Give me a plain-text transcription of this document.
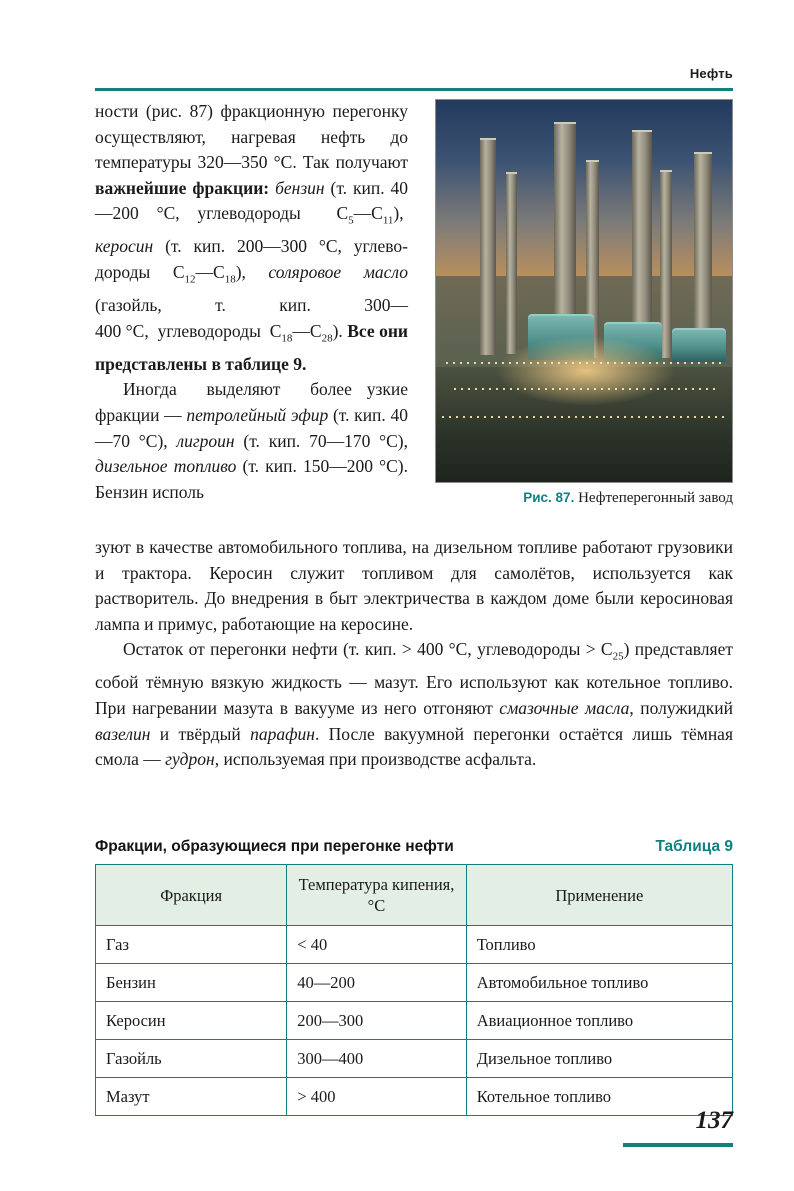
Нефть

ности (рис. 87) фракционную перегонку осуществляют, нагревая нефть до температуры 320—350 °С. Так получают важнейшие фракции: бензин (т. кип. 40—200 °С, углеводороды  $C_5—C_{11}$),  керосин (т. кип. 200—300 °С, углеводороды $C_{12}—C_{18}$), соляровое масло (газойль, т. кип. 300—400 °С,  углеводороды  $C_{18}—C_{28}$). Все они представлены в таблице 9.

Иногда  выделяют  более узкие фракции — петролейный эфир (т. кип. 40—70 °С), лигроин (т. кип. 70—170 °С), дизельное топливо (т. кип. 150—200 °С). Бензин исполь	Рис. 87. Нефтеперегонный завод

зуют в качестве автомобильного топлива, на дизельном топливе работают грузовики и трактора. Керосин служит топливом для самолётов, используется как растворитель. До внедрения в быт электричества в каждом доме были керосиновая лампа и примус, работающие на керосине.

Остаток от перегонки нефти (т. кип. > 400 °С, углеводороды > $C_{25}$) представляет собой тёмную вязкую жидкость — мазут. Его используют как котельное топливо. При нагревании мазута в вакууме из него отгоняют смазочные масла, полужидкий вазелин и твёрдый парафин. После вакуумной перегонки остаётся лишь тёмная смола — гудрон, используемая при производстве асфальта.

Фракции, образующиеся при перегонке нефти	Таблица 9
Фракция	Температура кипения, °С	Применение
Газ	< 40	Топливо
Бензин	40—200	Автомобильное топливо
Керосин	200—300	Авиационное топливо
Газойль	300—400	Дизельное топливо
Мазут	> 400	Котельное топливо
137
